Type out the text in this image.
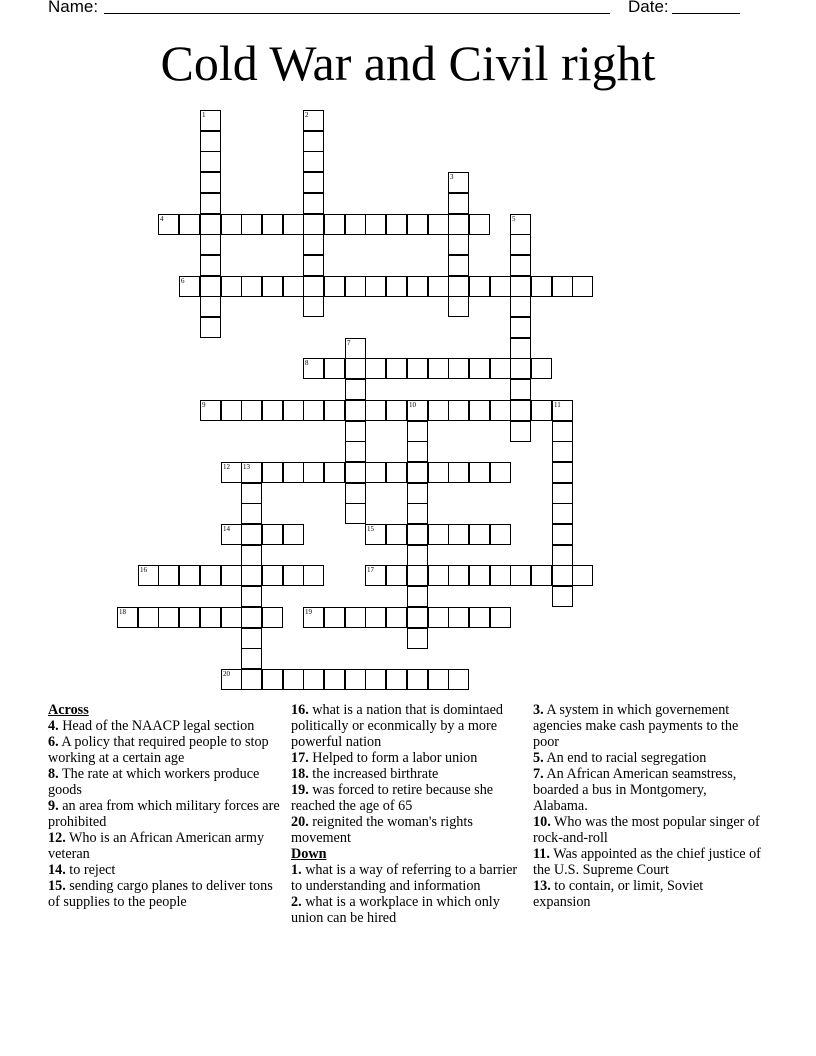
Name:	Date:
Cold War and Civil right
1	2
3
4	5
6
7
8
9	10	11
12 13
14	15
16	17
18	19
20
Across
4. Head of the NAACP legal section
6. A policy that required people to stop working at a certain age
8. The rate at which workers produce goods
9. an area from which military forces are prohibited
12. Who is an African American army veteran
14. to reject
15. sending cargo planes to deliver tons of supplies to the people
16. what is a nation that is domintaed politically or econmically by a more powerful nation
17. Helped to form a labor union
18. the increased birthrate
19. was forced to retire because she reached the age of 65
20. reignited the woman's rights movement
Down
1. what is a way of referring to a barrier to understanding and information
2. what is a workplace in which only union can be hired
3. A system in which governement agencies make cash payments to the poor
5. An end to racial segregation
7. An African American seamstress, boarded a bus in Montgomery, Alabama.
10. Who was the most popular singer of rock-and-roll
11. Was appointed as the chief justice of the U.S. Supreme Court
13. to contain, or limit, Soviet expansion
